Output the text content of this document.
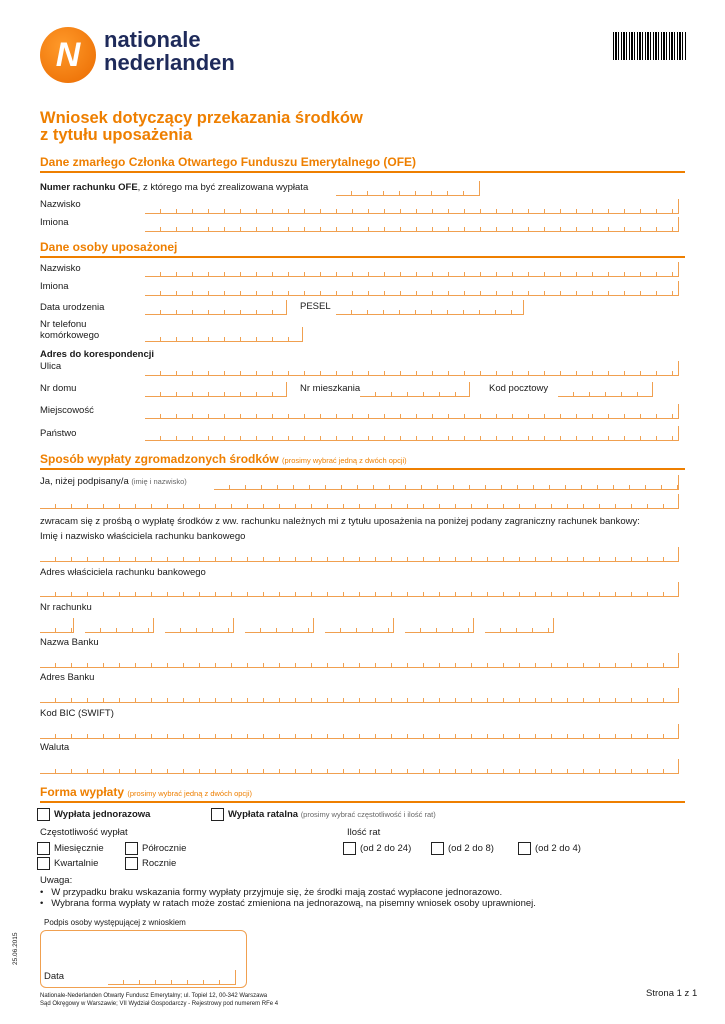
N	nationale
nederlanden
Wniosek dotyczący przekazania środków
z tytułu uposażenia
Dane zmarłego Członka Otwartego Funduszu Emerytalnego (OFE)
Numer rachunku OFE, z którego ma być zrealizowana wypłata
Nazwisko
Imiona
Dane osoby uposażonej
Nazwisko
Imiona
Data urodzenia	PESEL
Nr telefonu
komórkowego
Adres do korespondencji
Ulica
Nr domu	Nr mieszkania	Kod pocztowy
Miejscowość
Państwo
Sposób wypłaty zgromadzonych środków (prosimy wybrać jedną z dwóch opcji)
Ja, niżej podpisany/a (imię i nazwisko)
zwracam się z prośbą o wypłatę środków z ww. rachunku należnych mi z tytułu uposażenia na poniżej podany zagraniczny rachunek bankowy:
Imię i nazwisko właściciela rachunku bankowego
Adres właściciela rachunku bankowego
Nr rachunku
Nazwa Banku
Adres Banku
Kod BIC (SWIFT)
Waluta
Forma wypłaty (prosimy wybrać jedną z dwóch opcji)
Wypłata jednorazowa	Wypłata ratalna (prosimy wybrać częstotliwość i ilość rat)
Częstotliwość wypłat	Ilość rat
Miesięcznie	Półrocznie	(od 2 do 24)	(od 2 do 8)	(od 2 do 4)
Kwartalnie	Rocznie
Uwaga:
•   W przypadku braku wskazania formy wypłaty przyjmuje się, że środki mają zostać wypłacone jednorazowo.
•   Wybrana forma wypłaty w ratach może zostać zmieniona na jednorazową, na pisemny wniosek osoby uprawnionej.
Podpis osoby występującej z wnioskiem
Data
25.06.2015
Nationale-Nederlanden Otwarty Fundusz Emerytalny; ul. Topiel 12, 00-342 Warszawa
Sąd Okręgowy w Warszawie; VII Wydział Gospodarczy - Rejestrowy pod numerem RFe 4
Strona 1 z 1
